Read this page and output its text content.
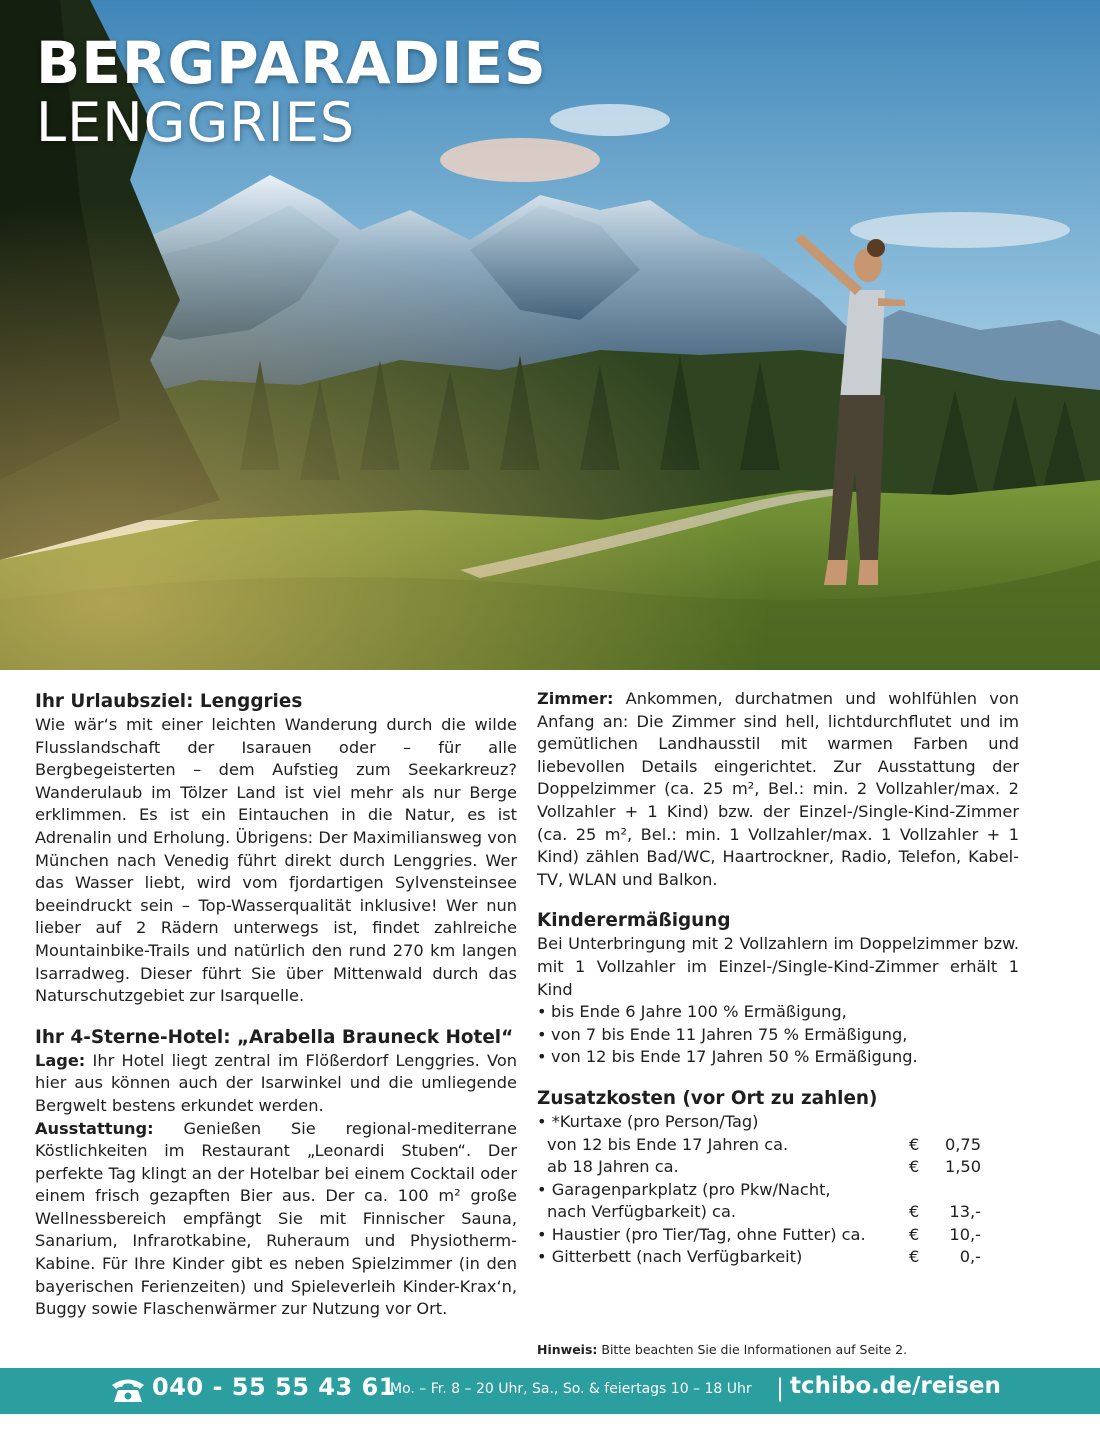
BERGPARADIES
LENGGRIES
Ihr Urlaubsziel: Lenggries

Wie wär‘s mit einer leichten Wanderung durch die wilde Flusslandschaft der Isarauen oder – für alle Bergbegeisterten – dem Aufstieg zum Seekarkreuz? Wanderulaub im Tölzer Land ist viel mehr als nur Berge erklimmen. Es ist ein Eintauchen in die Natur, es ist Adrenalin und Erholung. Übrigens: Der Maximiliansweg von München nach Venedig führt direkt durch Lenggries. Wer das Wasser liebt, wird vom fjordartigen Sylvensteinsee beeindruckt sein – Top-Wasserqualität inklusive! Wer nun lieber auf 2 Rädern unterwegs ist, findet zahlreiche Mountainbike-Trails und natürlich den rund 270 km langen Isarradweg. Dieser führt Sie über Mittenwald durch das Naturschutzgebiet zur Isarquelle.

Ihr 4-Sterne-Hotel: „Arabella Brauneck Hotel“

Lage: Ihr Hotel liegt zentral im Flößerdorf Lenggries. Von hier aus können auch der Isarwinkel und die umliegende Bergwelt bestens erkundet werden.

Ausstattung: Genießen Sie regional-mediterrane Köstlichkeiten im Restaurant „Leonardi Stuben“. Der perfekte Tag klingt an der Hotelbar bei einem Cocktail oder einem frisch gezapften Bier aus. Der ca. 100 m² große Wellnessbereich empfängt Sie mit Finnischer Sauna, Sanarium, Infrarotkabine, Ruheraum und Physiotherm-Kabine. Für Ihre Kinder gibt es neben Spielzimmer (in den bayerischen Ferienzeiten) und Spieleverleih Kinder-Krax‘n, Buggy sowie Flaschenwärmer zur Nutzung vor Ort.

Zimmer: Ankommen, durchatmen und wohlfühlen von Anfang an: Die Zimmer sind hell, lichtdurchflutet und im gemütlichen Landhausstil mit warmen Farben und liebevollen Details eingerichtet. Zur Ausstattung der Doppelzimmer (ca. 25 m², Bel.: min. 2 Vollzahler/max. 2 Vollzahler + 1 Kind) bzw. der Einzel-/Single-Kind-Zimmer (ca. 25 m², Bel.: min. 1 Vollzahler/max. 1 Vollzahler + 1 Kind) zählen Bad/WC, Haartrockner, Radio, Telefon, Kabel-TV, WLAN und Balkon.

Kinderermäßigung

Bei Unterbringung mit 2 Vollzahlern im Doppelzimmer bzw. mit 1 Vollzahler im Einzel-/Single-Kind-Zimmer erhält 1 Kind

• bis Ende 6 Jahre 100 % Ermäßigung,
• von 7 bis Ende 11 Jahren 75 % Ermäßigung,
• von 12 bis Ende 17 Jahren 50 % Ermäßigung.
Zusatzkosten (vor Ort zu zahlen)
• *Kurtaxe (pro Person/Tag)
von 12 bis Ende 17 Jahren ca.	€	0,75
ab 18 Jahren ca.	€	1,50
• Garagenparkplatz (pro Pkw/Nacht,
nach Verfügbarkeit) ca.	€	13,-
• Haustier (pro Tier/Tag, ohne Futter) ca.	€	10,-
• Gitterbett (nach Verfügbarkeit)	€	0,-
Hinweis: Bitte beachten Sie die Informationen auf Seite 2.
040 - 55 55 43 61
Mo. – Fr. 8 – 20 Uhr, Sa., So. & feiertags 10 – 18 Uhr | tchibo.de/reisen
